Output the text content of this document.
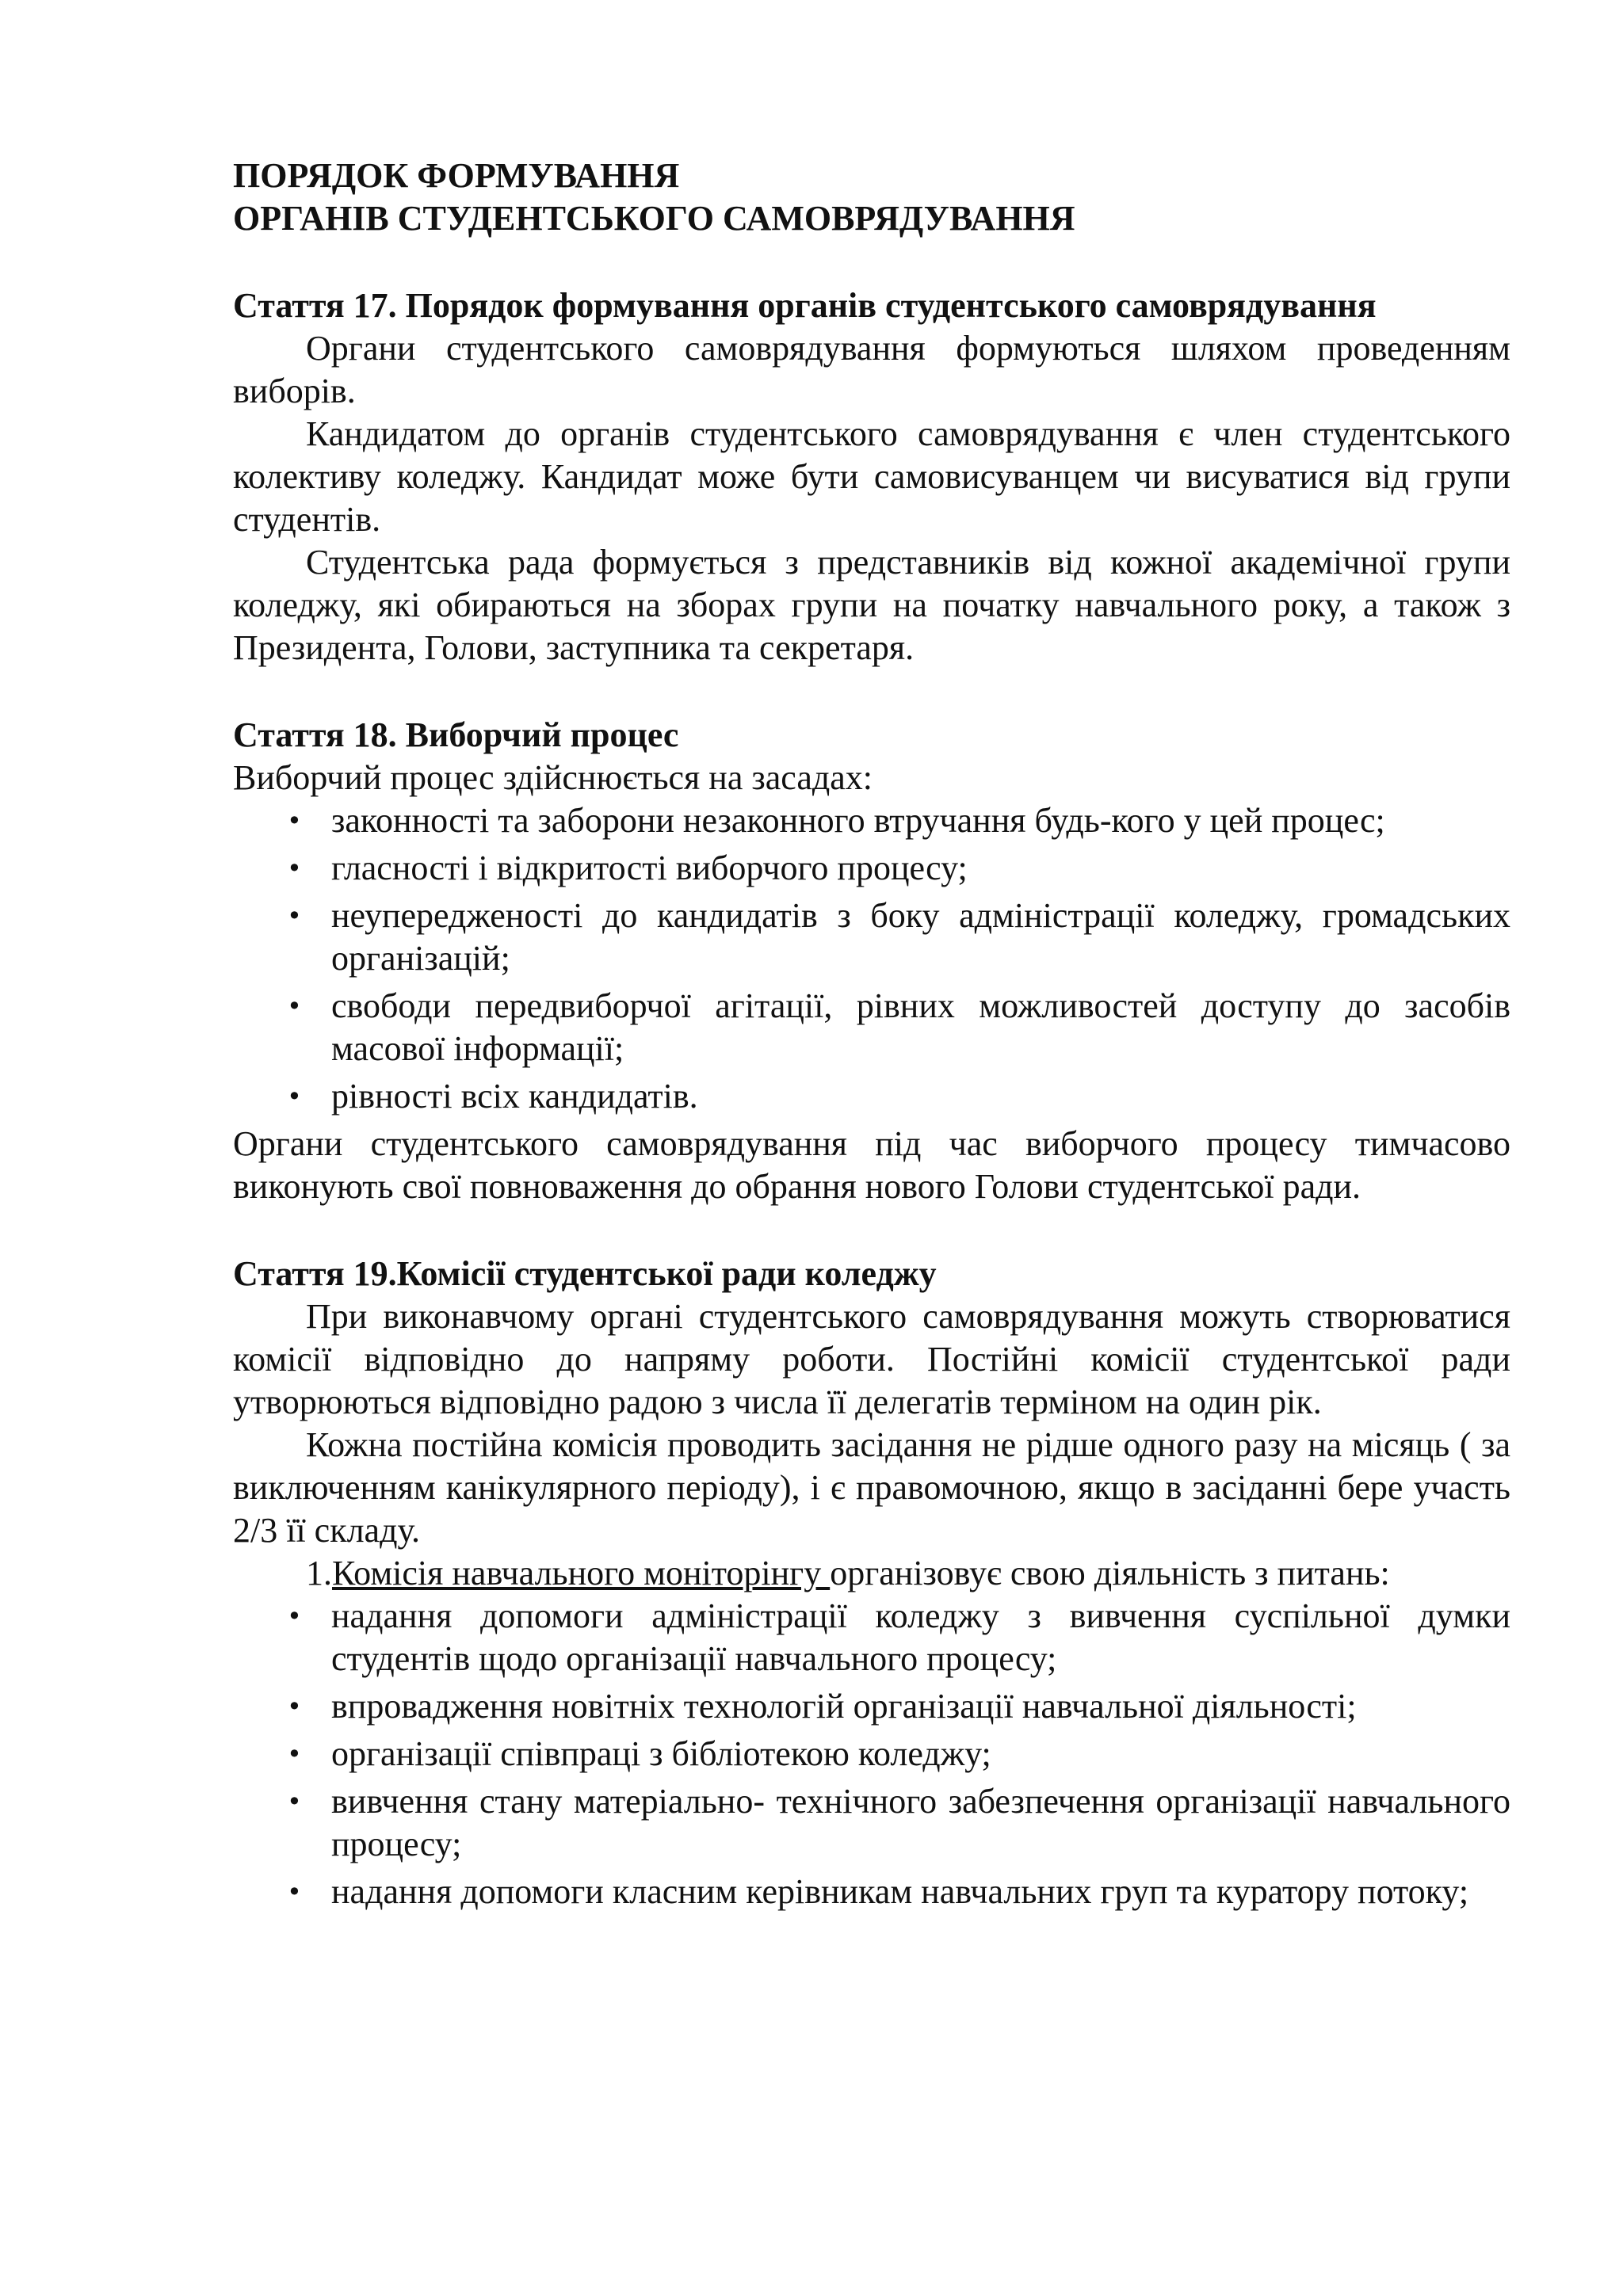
ПОРЯДОК ФОРМУВАННЯ
ОРГАНІВ СТУДЕНТСЬКОГО САМОВРЯДУВАННЯ
Стаття 17. Порядок формування органів студентського самоврядування

Органи студентського самоврядування формуються шляхом проведенням виборів.

Кандидатом до органів студентського самоврядування є член студентського колективу коледжу. Кандидат може бути самовисуванцем чи висуватися від групи студентів.

Студентська рада формується з представників від кожної академічної групи коледжу, які обираються на зборах групи на початку навчального року, а також з Президента, Голови, заступника та секретаря.

Стаття 18. Виборчий процес

Виборчий процес здійснюється на засадах:

• законності та заборони незаконного втручання будь-кого у цей процес;
• гласності і відкритості виборчого процесу;
• неупередженості до кандидатів з боку адміністрації коледжу, громадських організацій;
• свободи передвиборчої агітації, рівних можливостей доступу до засобів масової інформації;
• рівності всіх кандидатів.

Органи студентського самоврядування під час виборчого процесу тимчасово виконують свої повноваження до обрання нового Голови студентської ради.

Стаття 19.Комісії студентської ради коледжу

При виконавчому органі студентського самоврядування можуть створюватися комісії відповідно до напряму роботи. Постійні комісії студентської ради утворюються відповідно радою з числа її делегатів терміном на один рік.

Кожна постійна комісія проводить засідання не рідше одного разу на місяць ( за виключенням канікулярного періоду), і є правомочною, якщо в засіданні бере участь 2/3 її складу.

1.Комісія навчального моніторінгу організовує свою діяльність з питань:

• надання допомоги адміністрації коледжу з вивчення суспільної думки студентів щодо організації навчального процесу;
• впровадження новітніх технологій організації навчальної діяльності;
• організації співпраці з бібліотекою коледжу;
• вивчення стану матеріально- технічного забезпечення організації навчального процесу;
• надання допомоги класним керівникам навчальних груп та куратору потоку;
